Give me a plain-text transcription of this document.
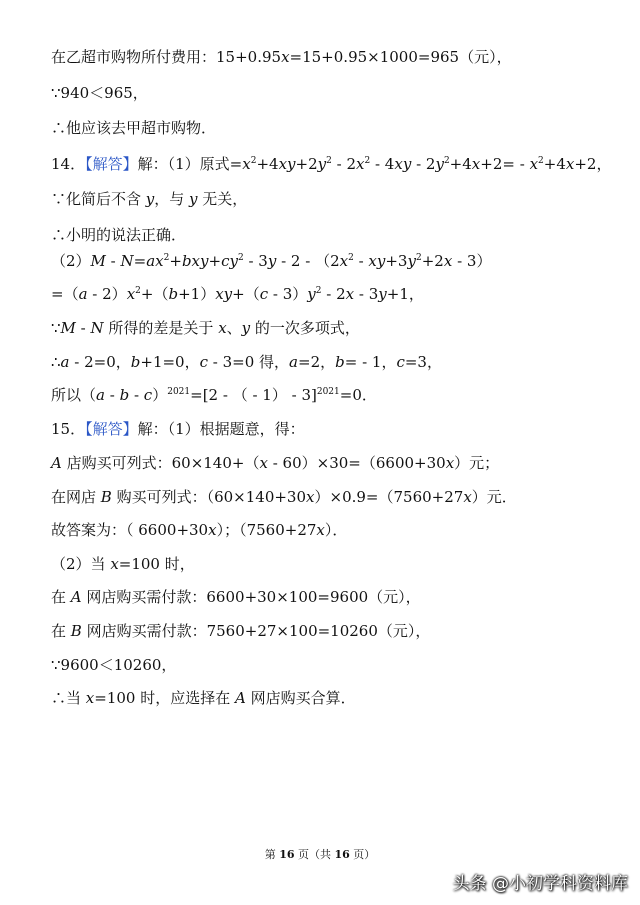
在乙超市购物所付费用：15+0.95x=15+0.95×1000=965（元），
∵940＜965，
∴他应该去甲超市购物．
14．【解答】解：（1）原式$=x^2+4xy+2y^2 - 2x^2 - 4xy - 2y^2+4x+2= - x^2+4x+2$，
∵化简后不含 y，与 y 无关，
∴小明的说法正确．
$(2)M - N=ax^2+bxy+cy^2 - 3y - 2 - (2x^2 - xy+3y^2+2x - 3)$
$=(a - 2)x^2+(b+1)xy+(c - 3)y^2 - 2x - 3y+1$，
∵M - N 所得的差是关于 x、y 的一次多项式，
∴a - 2=0，b+1=0，c - 3=0 得，a=2，b= - 1，c=3，
所以（a - b - c）$^{2021}$=[2 - （ - 1） - 3]$^{2021}$=0．
15．【解答】解：（1）根据题意，得：
A 店购买可列式：60×140+（x - 60）×30=（6600+30x）元；
在网店 B 购买可列式：（60×140+30x）×0.9=（7560+27x）元．
故答案为：（ 6600+30x）；（7560+27x）．
（2）当 x=100 时，
在 A 网店购买需付款：6600+30×100=9600（元），
在 B 网店购买需付款：7560+27×100=10260（元），
∵9600＜10260，
∴当 x=100 时，应选择在 A 网店购买合算．
第 16 页（共 16 页）
头条 @小初学科资料库
